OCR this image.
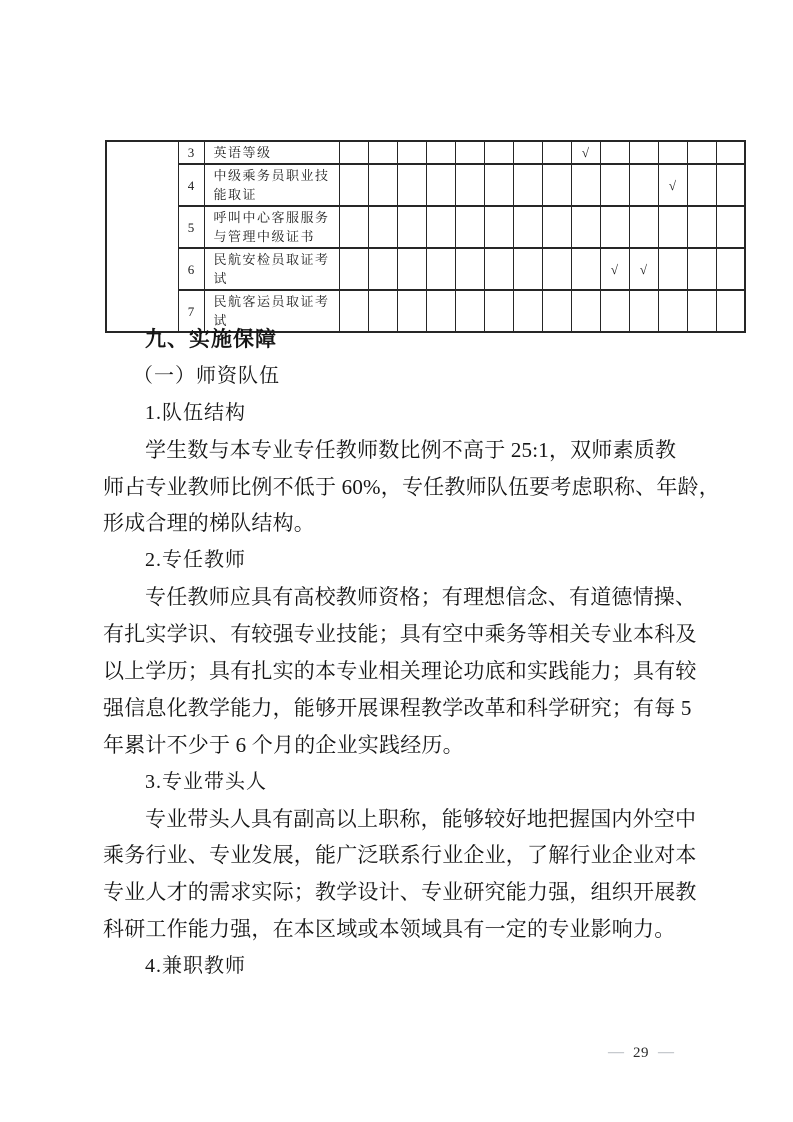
	3	英语等级									√					
	4	中级乘务员职业技能取证												√		
	5	呼叫中心客服服务与管理中级证书														
	6	民航安检员取证考试										√	√			
	7	民航客运员取证考试														
九、实施保障
（一）师资队伍
1.队伍结构
学生数与本专业专任教师数比例不高于 25:1，双师素质教
师占专业教师比例不低于 60%，专任教师队伍要考虑职称、年龄，
形成合理的梯队结构。
2.专任教师
专任教师应具有高校教师资格；有理想信念、有道德情操、
有扎实学识、有较强专业技能；具有空中乘务等相关专业本科及
以上学历；具有扎实的本专业相关理论功底和实践能力；具有较
强信息化教学能力，能够开展课程教学改革和科学研究；有每 5
年累计不少于 6 个月的企业实践经历。
3.专业带头人
专业带头人具有副高以上职称，能够较好地把握国内外空中
乘务行业、专业发展，能广泛联系行业企业，了解行业企业对本
专业人才的需求实际；教学设计、专业研究能力强，组织开展教
科研工作能力强，在本区域或本领域具有一定的专业影响力。
4.兼职教师
— 29 —
